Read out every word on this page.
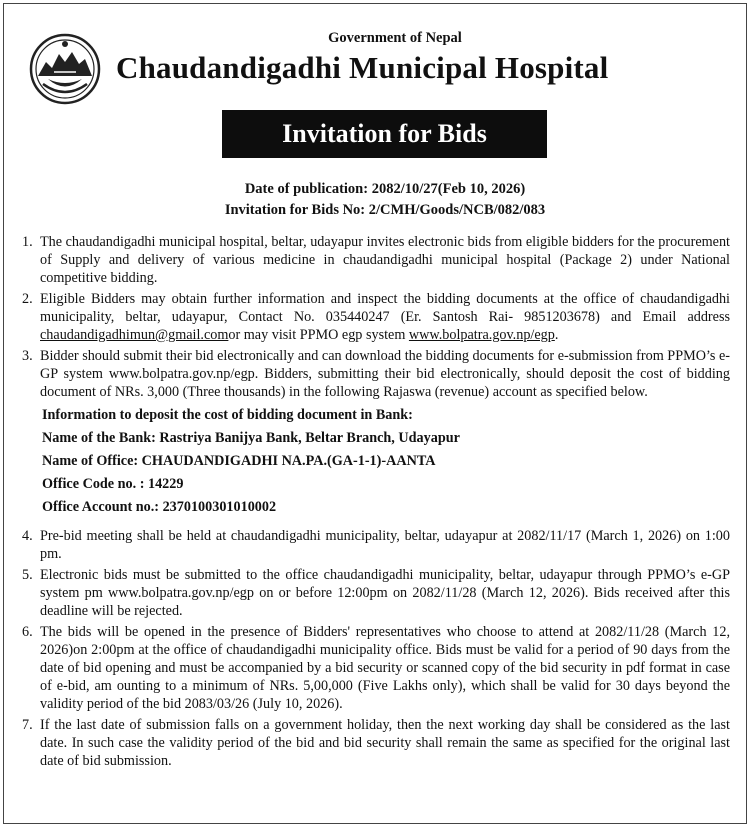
Government of Nepal
Chaudandigadhi Municipal Hospital
Invitation for Bids
Date of publication: 2082/10/27(Feb 10, 2026)
Invitation for Bids No: 2/CMH/Goods/NCB/082/083
1. The chaudandigadhi municipal hospital, beltar, udayapur invites electronic bids from eligible bidders for the procurement of Supply and delivery of various medicine in chaudandigadhi municipal hospital (Package 2) under National competitive bidding.
2. Eligible Bidders may obtain further information and inspect the bidding documents at the office of chaudandigadhi municipality, beltar, udayapur, Contact No. 035440247 (Er. Santosh Rai- 9851203678) and Email address chaudandigadhimun@gmail.comor may visit PPMO egp system www.bolpatra.gov.np/egp.
3. Bidder should submit their bid electronically and can download the bidding documents for e-submission from PPMO’s e-GP system www.bolpatra.gov.np/egp. Bidders, submitting their bid electronically, should deposit the cost of bidding document of NRs. 3,000 (Three thousands) in the following Rajaswa (revenue) account as specified below.
Information to deposit the cost of bidding document in Bank:
Name of the Bank: Rastriya Banijya Bank, Beltar Branch, Udayapur
Name of Office: CHAUDANDIGADHI NA.PA.(GA-1-1)-AANTA
Office Code no. : 14229
Office Account no.: 2370100301010002
4. Pre-bid meeting shall be held at chaudandigadhi municipality, beltar, udayapur at 2082/11/17 (March 1, 2026) on 1:00 pm.
5. Electronic bids must be submitted to the office chaudandigadhi municipality, beltar, udayapur through PPMO’s e-GP system pm www.bolpatra.gov.np/egp on or before 12:00pm on 2082/11/28 (March 12, 2026). Bids received after this deadline will be rejected.
6. The bids will be opened in the presence of Bidders' representatives who choose to attend at 2082/11/28 (March 12, 2026)on 2:00pm at the office of chaudandigadhi municipality office. Bids must be valid for a period of 90 days from the date of bid opening and must be accompanied by a bid security or scanned copy of the bid security in pdf format in case of e-bid, am ounting to a minimum of NRs. 5,00,000 (Five Lakhs only), which shall be valid for 30 days beyond the validity period of the bid 2083/03/26 (July 10, 2026).
7. If the last date of submission falls on a government holiday, then the next working day shall be considered as the last date. In such case the validity period of the bid and bid security shall remain the same as specified for the original last date of bid submission.
